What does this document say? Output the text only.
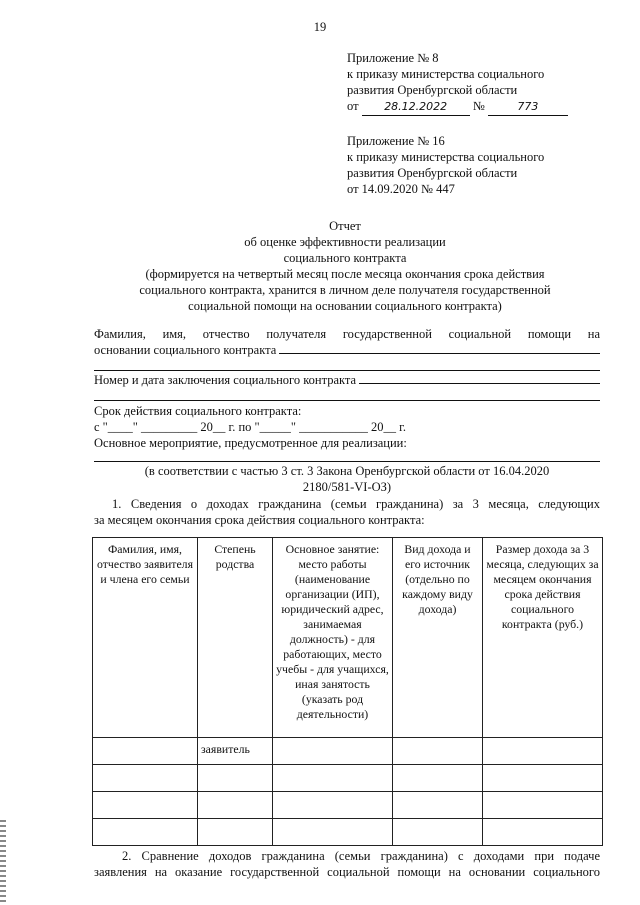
19
Приложение № 8
к приказу министерства социального
развития Оренбургской области
от 28.12.2022 №	773
Приложение № 16
к приказу министерства социального
развития Оренбургской области
от 14.09.2020 № 447
Отчет
об оценке эффективности реализации
социального контракта
(формируется на четвертый месяц после месяца окончания срока действия
социального контракта, хранится в личном деле получателя государственной
социальной помощи на основании социального контракта)
Фамилия, имя, отчество получателя государственной социальной помощи на
основании социального контракта
Номер и дата заключения социального контракта
Срок действия социального контракта:
с "____" _________ 20__ г. по "_____" ___________ 20__ г.
Основное мероприятие, предусмотренное для реализации:
(в соответствии с частью 3 ст. 3 Закона Оренбургской области от 16.04.2020
2180/581-VI-ОЗ)
1. Сведения о доходах гражданина (семьи гражданина) за 3 месяца, следующих
за месяцем окончания срока действия социального контракта:
Фамилия, имя, отчество заявителя и члена его семьи	Степень родства	Основное занятие: место работы (наименование организации (ИП), юридический адрес, занимаемая должность) - для работающих, место учебы - для учащихся, иная занятость (указать род деятельности)	Вид дохода и его источник (отдельно по каждому виду дохода)	Размер дохода за 3 месяца, следующих за месяцем окончания срока действия социального контракта (руб.)
	заявитель			

2. Сравнение доходов гражданина (семьи гражданина) с доходами при подаче
заявления на оказание государственной социальной помощи на основании социального
